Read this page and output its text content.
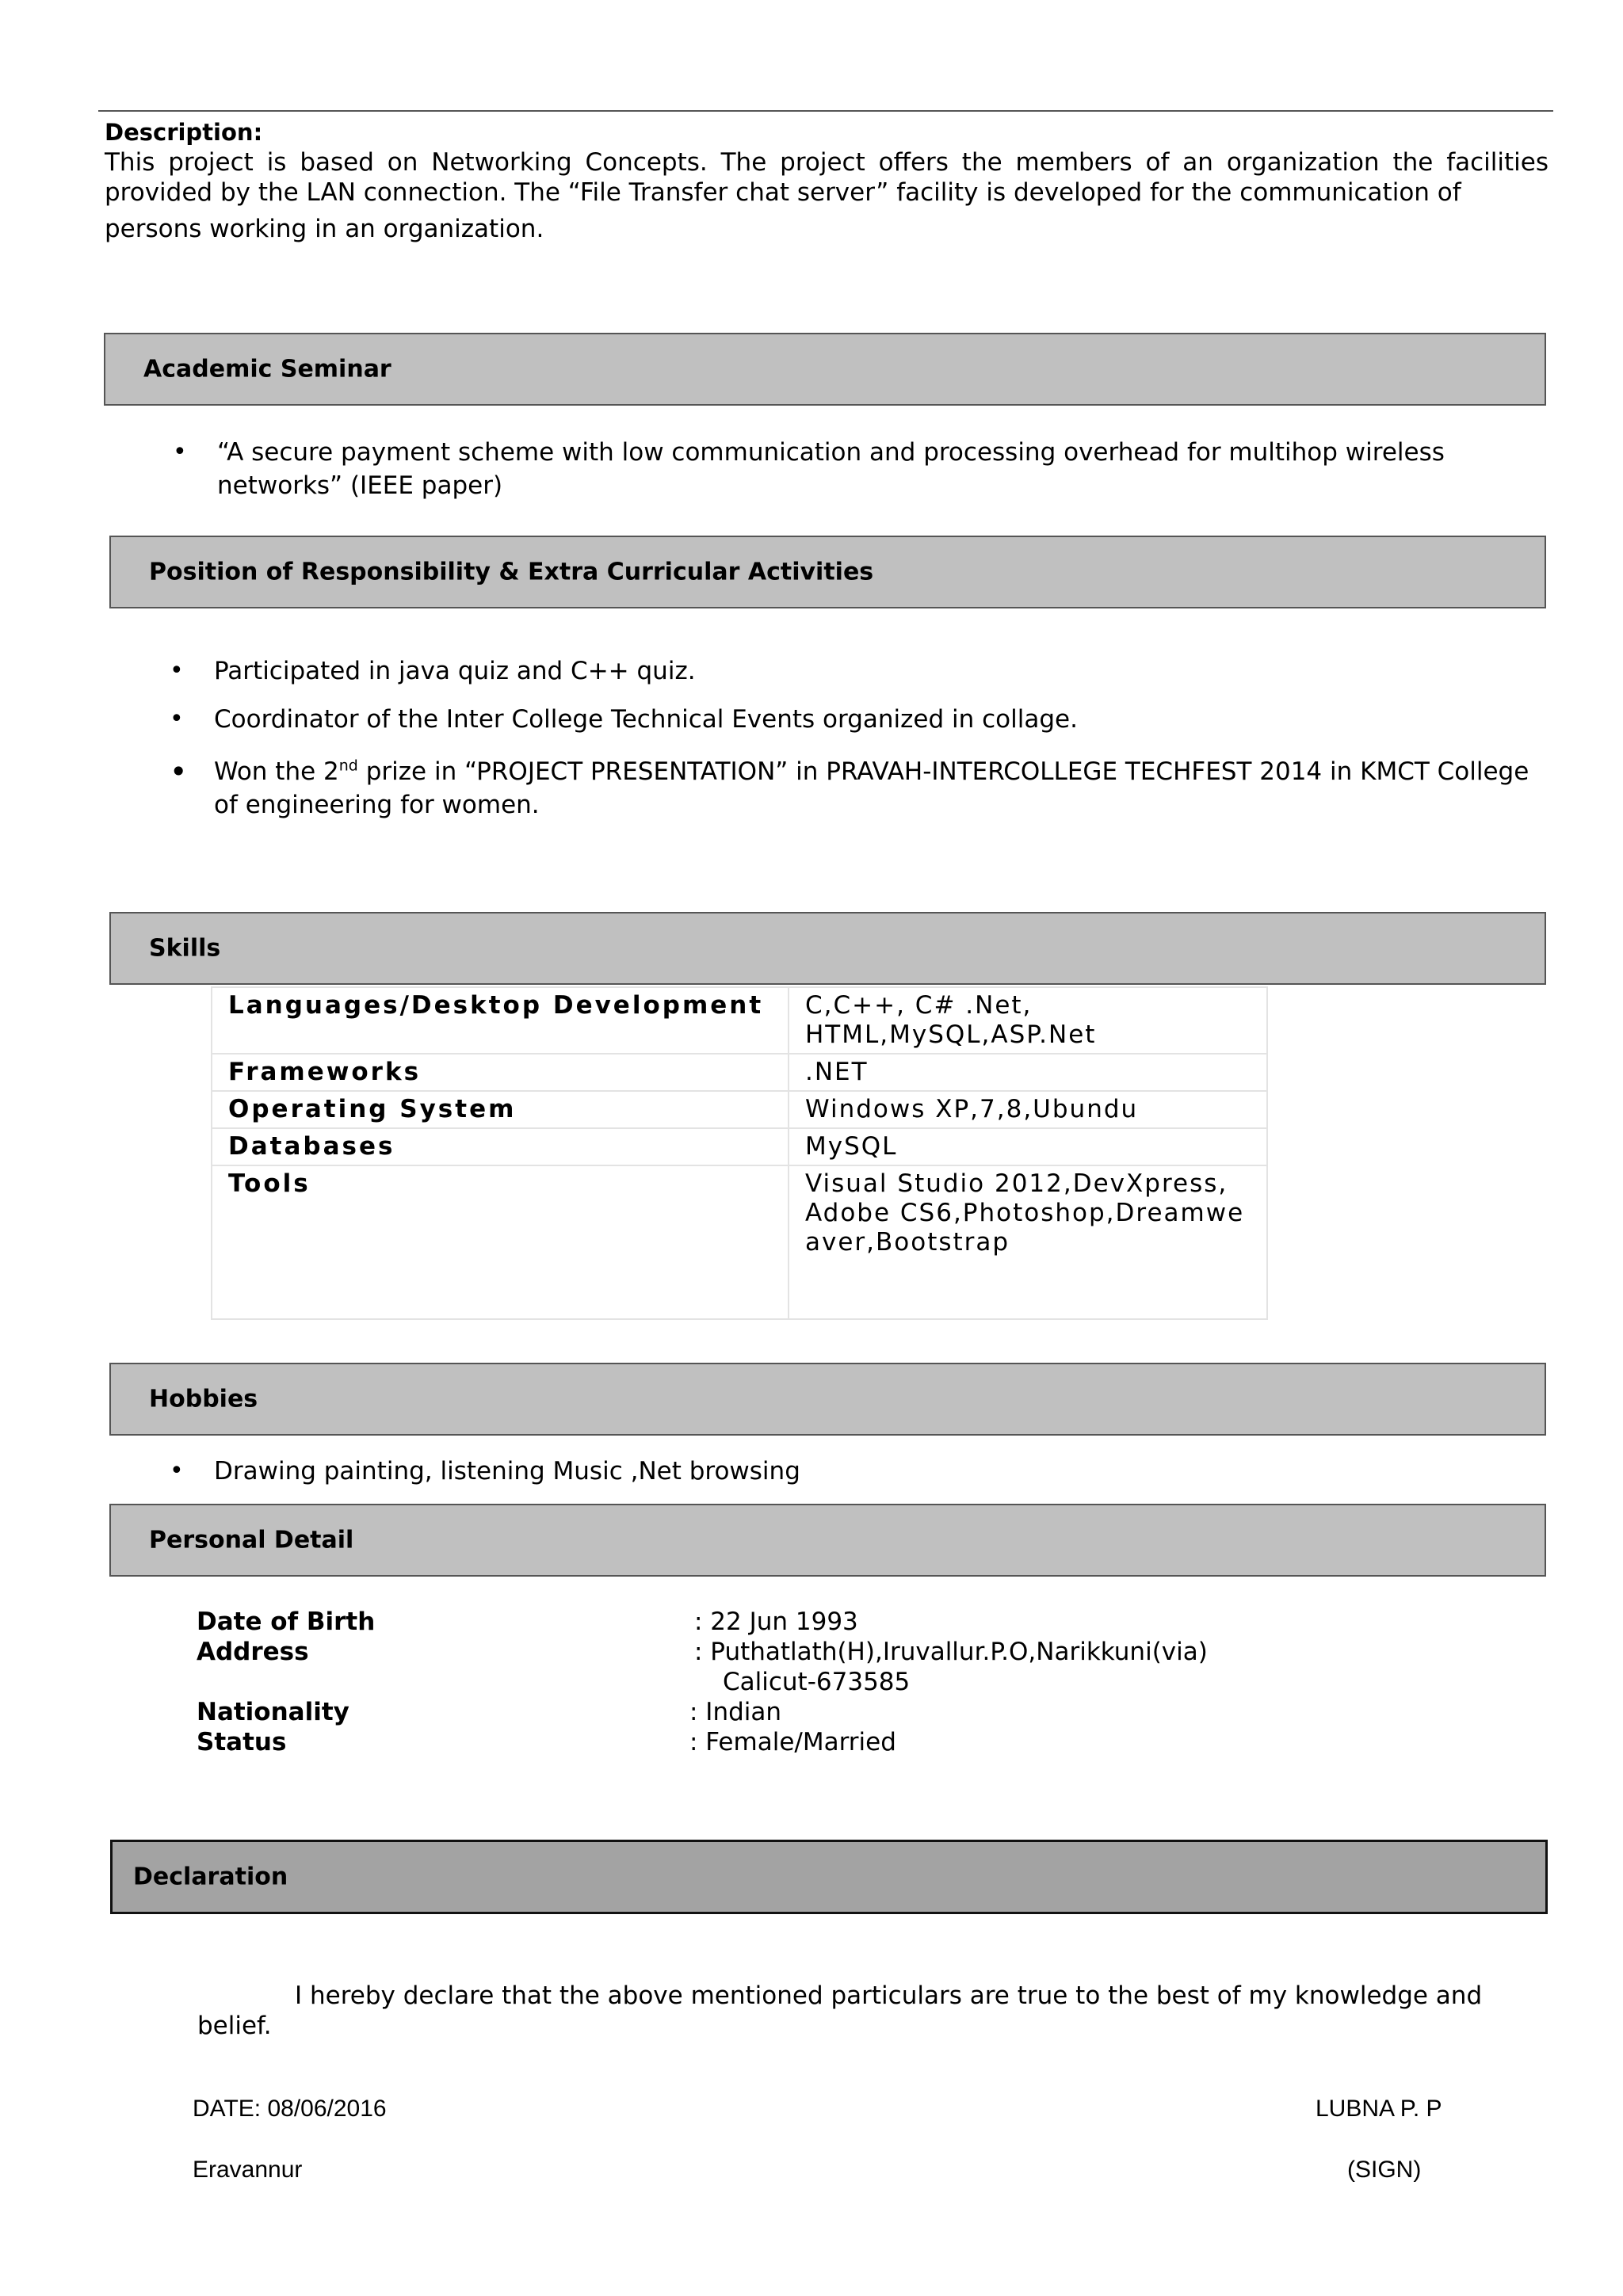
Description:
This project is based on Networking Concepts. The project offers the members of an organization the facilities provided by the LAN connection. The “File Transfer chat server” facility is developed for the communication of
persons working in an organization.
Academic Seminar
• “A secure payment scheme with low communication and processing overhead for multihop wireless networks” (IEEE paper)
Position of Responsibility & Extra Curricular Activities
• Participated in java quiz and C++ quiz.
• Coordinator of the Inter College Technical Events organized in collage.
• Won the 2nd prize in “PROJECT PRESENTATION” in PRAVAH-INTERCOLLEGE TECHFEST 2014 in KMCT College of engineering for women.
Skills
Languages/Desktop Development	C,C++, C# .Net, HTML,MySQL,ASP.Net
Frameworks	.NET
Operating System	Windows XP,7,8,Ubundu
Databases	MySQL
Tools	Visual Studio 2012,DevXpress, Adobe CS6,Photoshop,Dreamweaver,Bootstrap
Hobbies
• Drawing painting, listening Music ,Net browsing
Personal Detail
Date of Birth	: 22 Jun 1993
Address	: Puthatlath(H),Iruvallur.P.O,Narikkuni(via)
Calicut-673585
Nationality	: Indian
Status	: Female/Married
Declaration
I hereby declare that the above mentioned particulars are true to the best of my knowledge and
belief.
DATE: 08/06/2016
Eravannur
LUBNA P. P
(SIGN)
